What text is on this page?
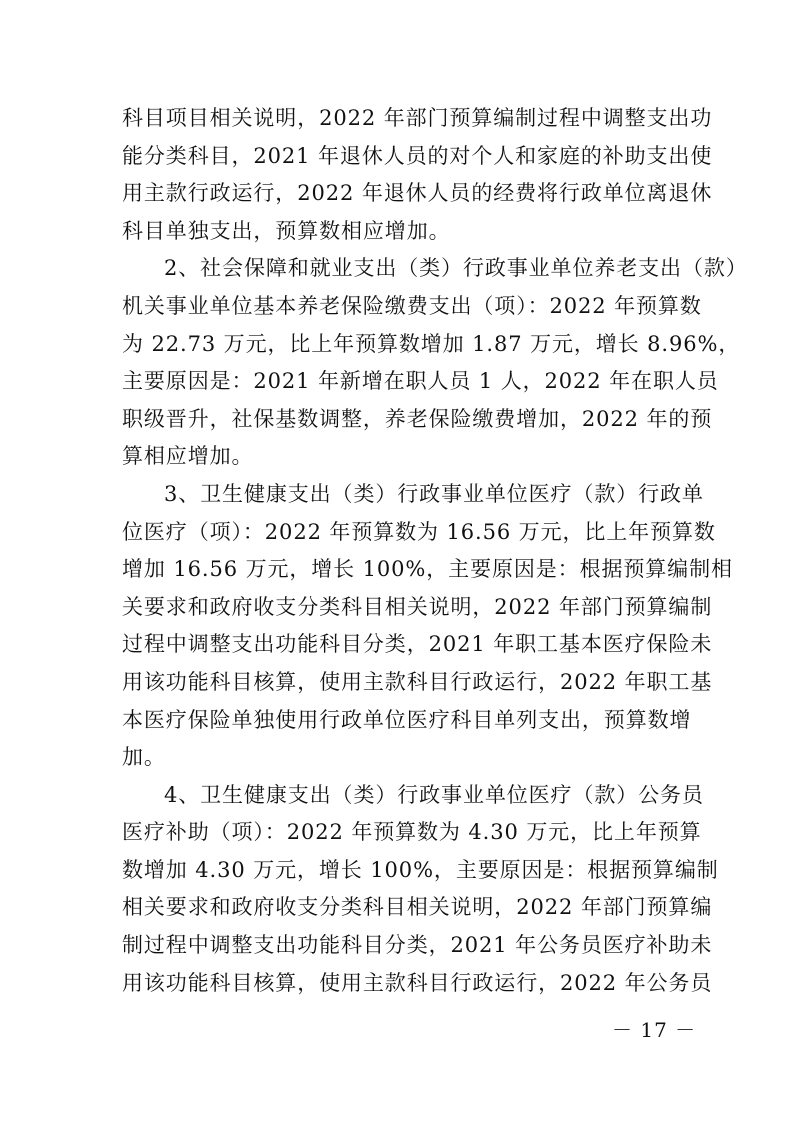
科目项目相关说明，2022 年部门预算编制过程中调整支出功
能分类科目，2021 年退休人员的对个人和家庭的补助支出使
用主款行政运行，2022 年退休人员的经费将行政单位离退休
科目单独支出，预算数相应增加。
2、社会保障和就业支出（类）行政事业单位养老支出（款）
机关事业单位基本养老保险缴费支出（项）：2022 年预算数
为 22.73 万元，比上年预算数增加 1.87 万元，增长 8.96%，
主要原因是：2021 年新增在职人员 1 人，2022 年在职人员
职级晋升，社保基数调整，养老保险缴费增加，2022 年的预
算相应增加。
3、卫生健康支出（类）行政事业单位医疗（款）行政单
位医疗（项）：2022 年预算数为 16.56 万元，比上年预算数
增加 16.56 万元，增长 100%，主要原因是：根据预算编制相
关要求和政府收支分类科目相关说明，2022 年部门预算编制
过程中调整支出功能科目分类，2021 年职工基本医疗保险未
用该功能科目核算，使用主款科目行政运行，2022 年职工基
本医疗保险单独使用行政单位医疗科目单列支出，预算数增
加。
4、卫生健康支出（类）行政事业单位医疗（款）公务员
医疗补助（项）：2022 年预算数为 4.30 万元，比上年预算
数增加 4.30 万元，增长 100%，主要原因是：根据预算编制
相关要求和政府收支分类科目相关说明，2022 年部门预算编
制过程中调整支出功能科目分类，2021 年公务员医疗补助未
用该功能科目核算，使用主款科目行政运行，2022 年公务员
－ 17 －
